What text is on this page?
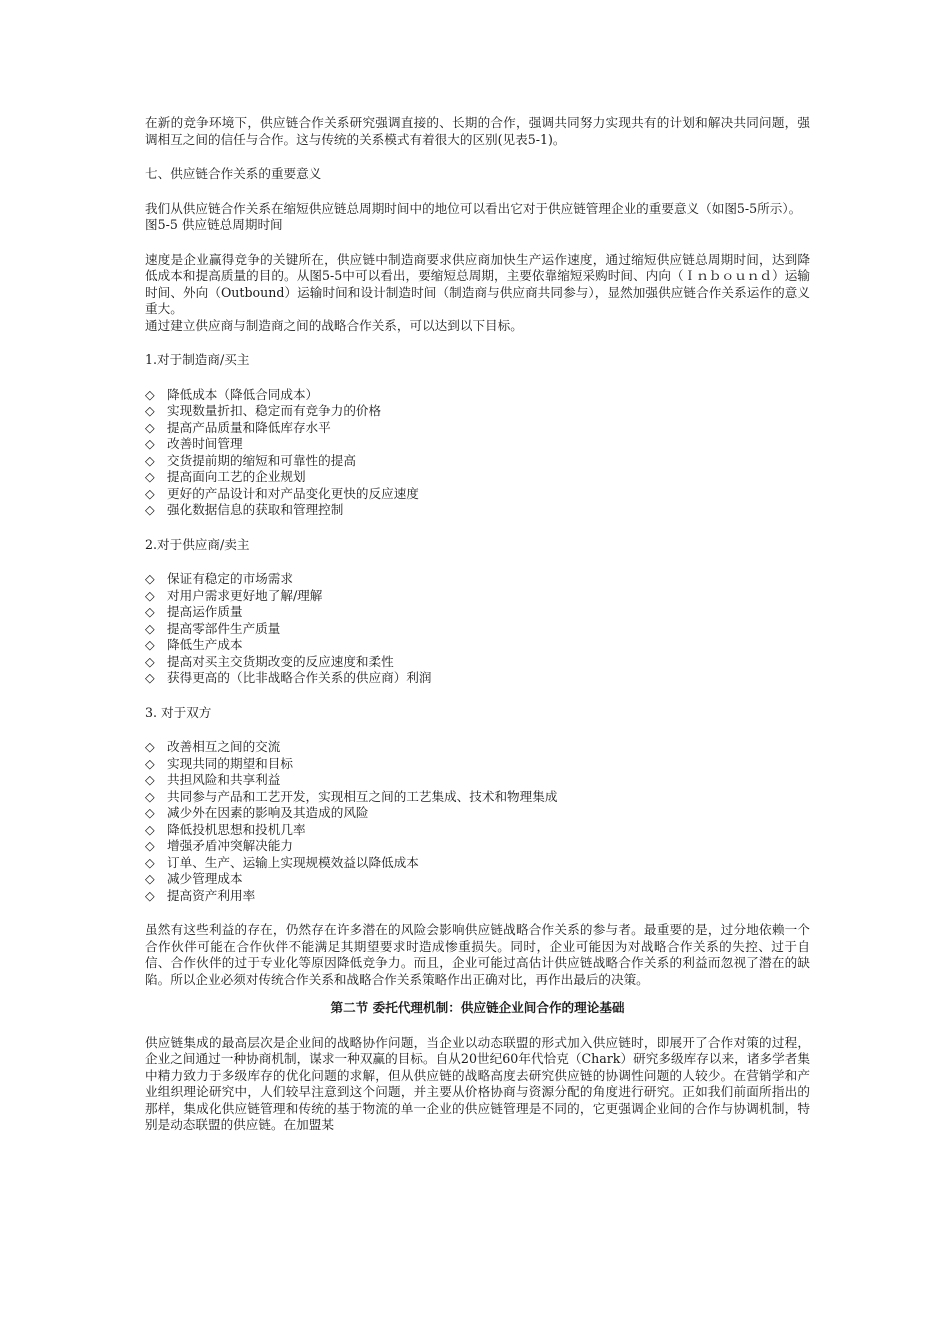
在新的竞争环境下，供应链合作关系研究强调直接的、长期的合作，强调共同努力实现共有的计划和解决共同问题，强调相互之间的信任与合作。这与传统的关系模式有着很大的区别(见表5-1)。

七、供应链合作关系的重要意义

我们从供应链合作关系在缩短供应链总周期时间中的地位可以看出它对于供应链管理企业的重要意义（如图5-5所示）。

图5-5 供应链总周期时间

速度是企业赢得竞争的关键所在，供应链中制造商要求供应商加快生产运作速度，通过缩短供应链总周期时间，达到降低成本和提高质量的目的。从图5-5中可以看出，要缩短总周期，主要依靠缩短采购时间、内向（Ｉｎｂｏｕｎｄ）运输时间、外向（Outbound）运输时间和设计制造时间（制造商与供应商共同参与），显然加强供应链合作关系运作的意义重大。

通过建立供应商与制造商之间的战略合作关系，可以达到以下目标。

1.对于制造商/买主

◇ 降低成本（降低合同成本）
◇ 实现数量折扣、稳定而有竞争力的价格
◇ 提高产品质量和降低库存水平
◇ 改善时间管理
◇ 交货提前期的缩短和可靠性的提高
◇ 提高面向工艺的企业规划
◇ 更好的产品设计和对产品变化更快的反应速度
◇ 强化数据信息的获取和管理控制

2.对于供应商/卖主

◇ 保证有稳定的市场需求
◇ 对用户需求更好地了解/理解
◇ 提高运作质量
◇ 提高零部件生产质量
◇ 降低生产成本
◇ 提高对买主交货期改变的反应速度和柔性
◇ 获得更高的（比非战略合作关系的供应商）利润

3. 对于双方

◇ 改善相互之间的交流
◇ 实现共同的期望和目标
◇ 共担风险和共享利益
◇ 共同参与产品和工艺开发，实现相互之间的工艺集成、技术和物理集成
◇ 减少外在因素的影响及其造成的风险
◇ 降低投机思想和投机几率
◇ 增强矛盾冲突解决能力
◇ 订单、生产、运输上实现规模效益以降低成本
◇ 减少管理成本
◇ 提高资产利用率

虽然有这些利益的存在，仍然存在许多潜在的风险会影响供应链战略合作关系的参与者。最重要的是，过分地依赖一个合作伙伴可能在合作伙伴不能满足其期望要求时造成惨重损失。同时，企业可能因为对战略合作关系的失控、过于自信、合作伙伴的过于专业化等原因降低竞争力。而且，企业可能过高估计供应链战略合作关系的利益而忽视了潜在的缺陷。所以企业必须对传统合作关系和战略合作关系策略作出正确对比，再作出最后的决策。

第二节 委托代理机制：供应链企业间合作的理论基础

供应链集成的最高层次是企业间的战略协作问题，当企业以动态联盟的形式加入供应链时，即展开了合作对策的过程，企业之间通过一种协商机制，谋求一种双赢的目标。自从20世纪60年代恰克（Chark）研究多级库存以来，诸多学者集中精力致力于多级库存的优化问题的求解，但从供应链的战略高度去研究供应链的协调性问题的人较少。在营销学和产业组织理论研究中，人们较早注意到这个问题，并主要从价格协商与资源分配的角度进行研究。正如我们前面所指出的那样，集成化供应链管理和传统的基于物流的单一企业的供应链管理是不同的，它更强调企业间的合作与协调机制，特别是动态联盟的供应链。在加盟某
